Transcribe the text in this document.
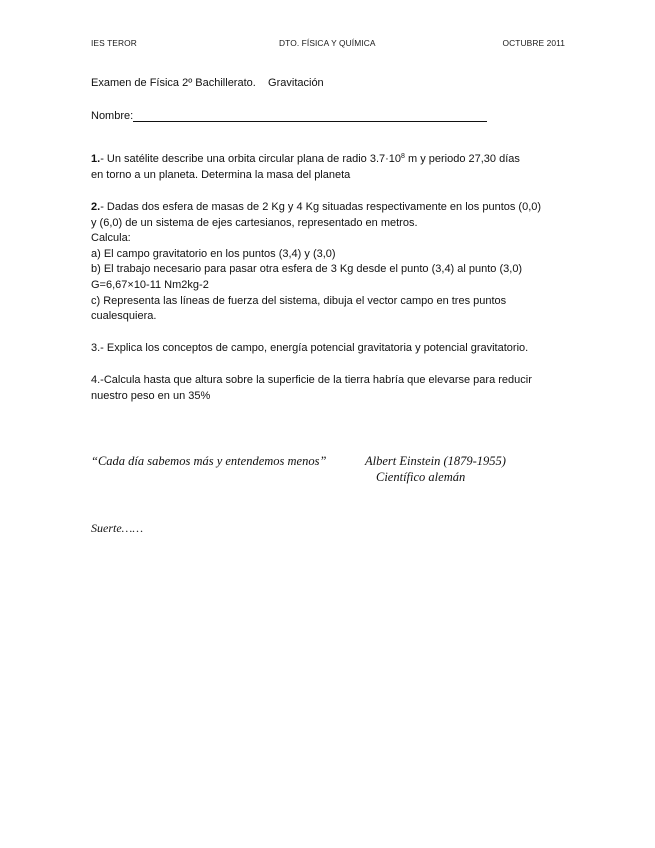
IES TEROR	DTO. FÍSICA Y QUÍMICA	OCTUBRE 2011
Examen de Física 2º Bachillerato.    Gravitación
Nombre:
1.- Un satélite describe una orbita circular plana de radio $3.7\cdot 10^8$ m y periodo 27,30 días
en torno a un planeta. Determina la masa del planeta
2.- Dadas dos esfera de masas de 2 Kg y 4 Kg situadas respectivamente en los puntos (0,0)
y (6,0) de un sistema de ejes cartesianos, representado en metros.
Calcula:
a) El campo gravitatorio en los puntos (3,4) y (3,0)
b) El trabajo necesario para pasar otra esfera de 3 Kg desde el punto (3,4) al punto (3,0)
G=6,67×10-11 Nm2kg-2
c) Representa las líneas de fuerza del sistema, dibuja el vector campo en tres puntos
cualesquiera.
3.- Explica los conceptos de campo, energía potencial gravitatoria y potencial gravitatorio.
4.-Calcula hasta que altura sobre la superficie de la tierra habría que elevarse para reducir
nuestro peso en un 35%
“Cada día sabemos más y entendemos menos”	Albert Einstein (1879-1955)
Científico alemán
Suerte……
